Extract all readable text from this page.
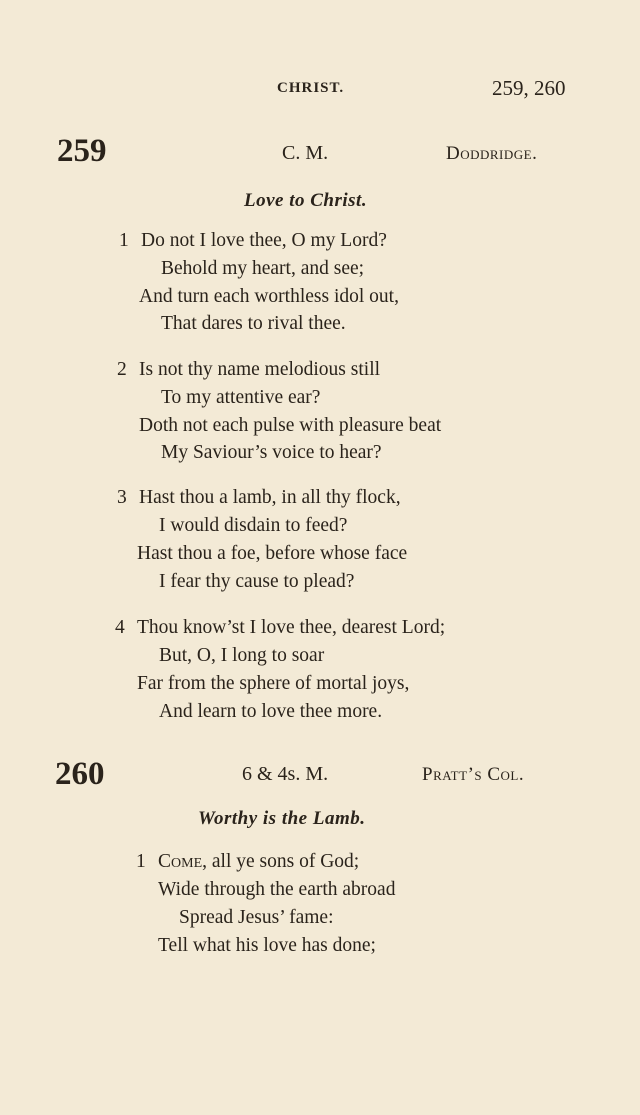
CHRIST.	259, 260
259	C. M.	Doddridge.
Love to Christ.
1 Do not I love thee, O my Lord?
Behold my heart, and see;
And turn each worthless idol out,
That dares to rival thee.
2 Is not thy name melodious still
To my attentive ear?
Doth not each pulse with pleasure beat
My Saviour’s voice to hear?
3 Hast thou a lamb, in all thy flock,
I would disdain to feed?
Hast thou a foe, before whose face
I fear thy cause to plead?
4 Thou know’st I love thee, dearest Lord;
But, O, I long to soar
Far from the sphere of mortal joys,
And learn to love thee more.
260	6 & 4s. M.	Pratt’s Col.
Worthy is the Lamb.
1 Come, all ye sons of God;
Wide through the earth abroad
Spread Jesus’ fame:
Tell what his love has done;
